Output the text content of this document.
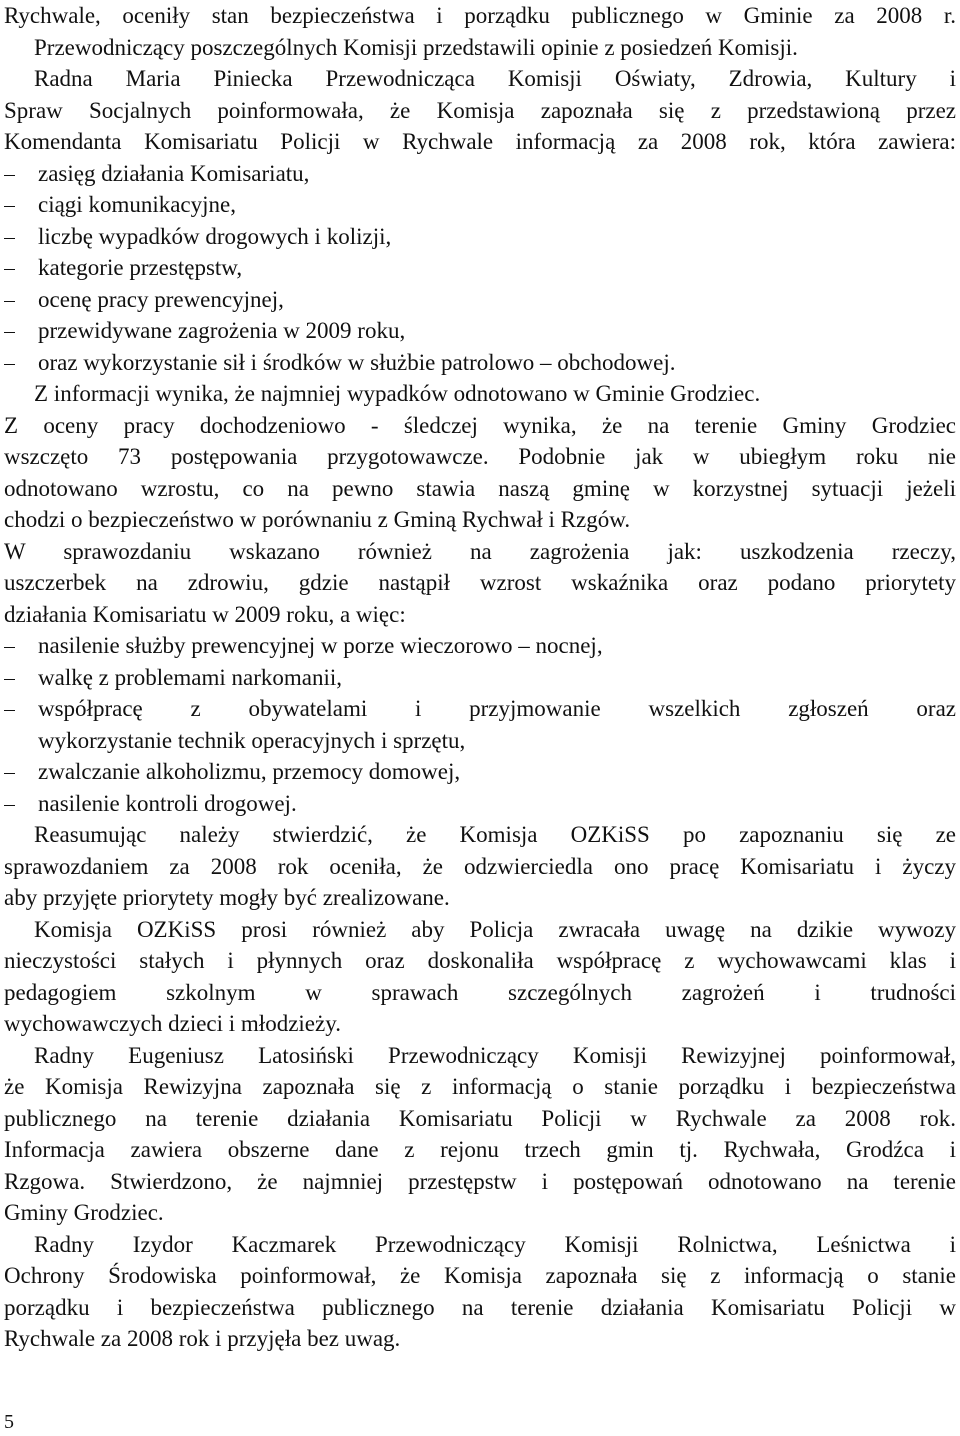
Rychwale, oceniły stan bezpieczeństwa i porządku publicznego w Gminie za 2008 r.
Przewodniczący poszczególnych Komisji przedstawili opinie z posiedzeń Komisji.
Radna Maria Piniecka Przewodnicząca Komisji Oświaty, Zdrowia, Kultury i
Spraw Socjalnych poinformowała, że Komisja zapoznała się z przedstawioną przez
Komendanta Komisariatu Policji w Rychwale informacją za 2008 rok, która zawiera:
zasięg działania Komisariatu,
ciągi komunikacyjne,
liczbę wypadków drogowych i kolizji,
kategorie przestępstw,
ocenę pracy prewencyjnej,
przewidywane zagrożenia w 2009 roku,
oraz wykorzystanie sił i środków w służbie patrolowo – obchodowej.
Z informacji wynika, że najmniej wypadków odnotowano w Gminie Grodziec.
Z oceny pracy dochodzeniowo - śledczej wynika, że na terenie Gminy Grodziec
wszczęto 73 postępowania przygotowawcze. Podobnie jak w ubiegłym roku nie
odnotowano wzrostu, co na pewno stawia naszą gminę w korzystnej sytuacji jeżeli
chodzi o bezpieczeństwo w porównaniu z Gminą Rychwał i Rzgów.
W sprawozdaniu wskazano również na zagrożenia jak: uszkodzenia rzeczy,
uszczerbek na zdrowiu, gdzie nastąpił wzrost wskaźnika oraz podano priorytety
działania Komisariatu w 2009 roku, a więc:
nasilenie służby prewencyjnej w porze wieczorowo – nocnej,
walkę z problemami narkomanii,
współpracę z obywatelami i przyjmowanie wszelkich zgłoszeń oraz
wykorzystanie technik operacyjnych i sprzętu,
zwalczanie alkoholizmu, przemocy domowej,
nasilenie kontroli drogowej.
Reasumując należy stwierdzić, że Komisja OZKiSS po zapoznaniu się ze
sprawozdaniem za 2008 rok oceniła, że odzwierciedla ono pracę Komisariatu i życzy
aby przyjęte priorytety mogły być zrealizowane.
Komisja OZKiSS prosi również aby Policja zwracała uwagę na dzikie wywozy
nieczystości stałych i płynnych oraz doskonaliła współpracę z wychowawcami klas i
pedagogiem szkolnym w sprawach szczególnych zagrożeń i trudności
wychowawczych dzieci i młodzieży.
Radny Eugeniusz Latosiński Przewodniczący Komisji Rewizyjnej poinformował,
że Komisja Rewizyjna zapoznała się z informacją o stanie porządku i bezpieczeństwa
publicznego na terenie działania Komisariatu Policji w Rychwale za 2008 rok.
Informacja zawiera obszerne dane z rejonu trzech gmin tj. Rychwała, Grodźca i
Rzgowa. Stwierdzono, że najmniej przestępstw i postępowań odnotowano na terenie
Gminy Grodziec.
Radny Izydor Kaczmarek Przewodniczący Komisji Rolnictwa, Leśnictwa i
Ochrony Środowiska poinformował, że Komisja zapoznała się z informacją o stanie
porządku i bezpieczeństwa publicznego na terenie działania Komisariatu Policji w
Rychwale za 2008 rok i przyjęła bez uwag.
5
